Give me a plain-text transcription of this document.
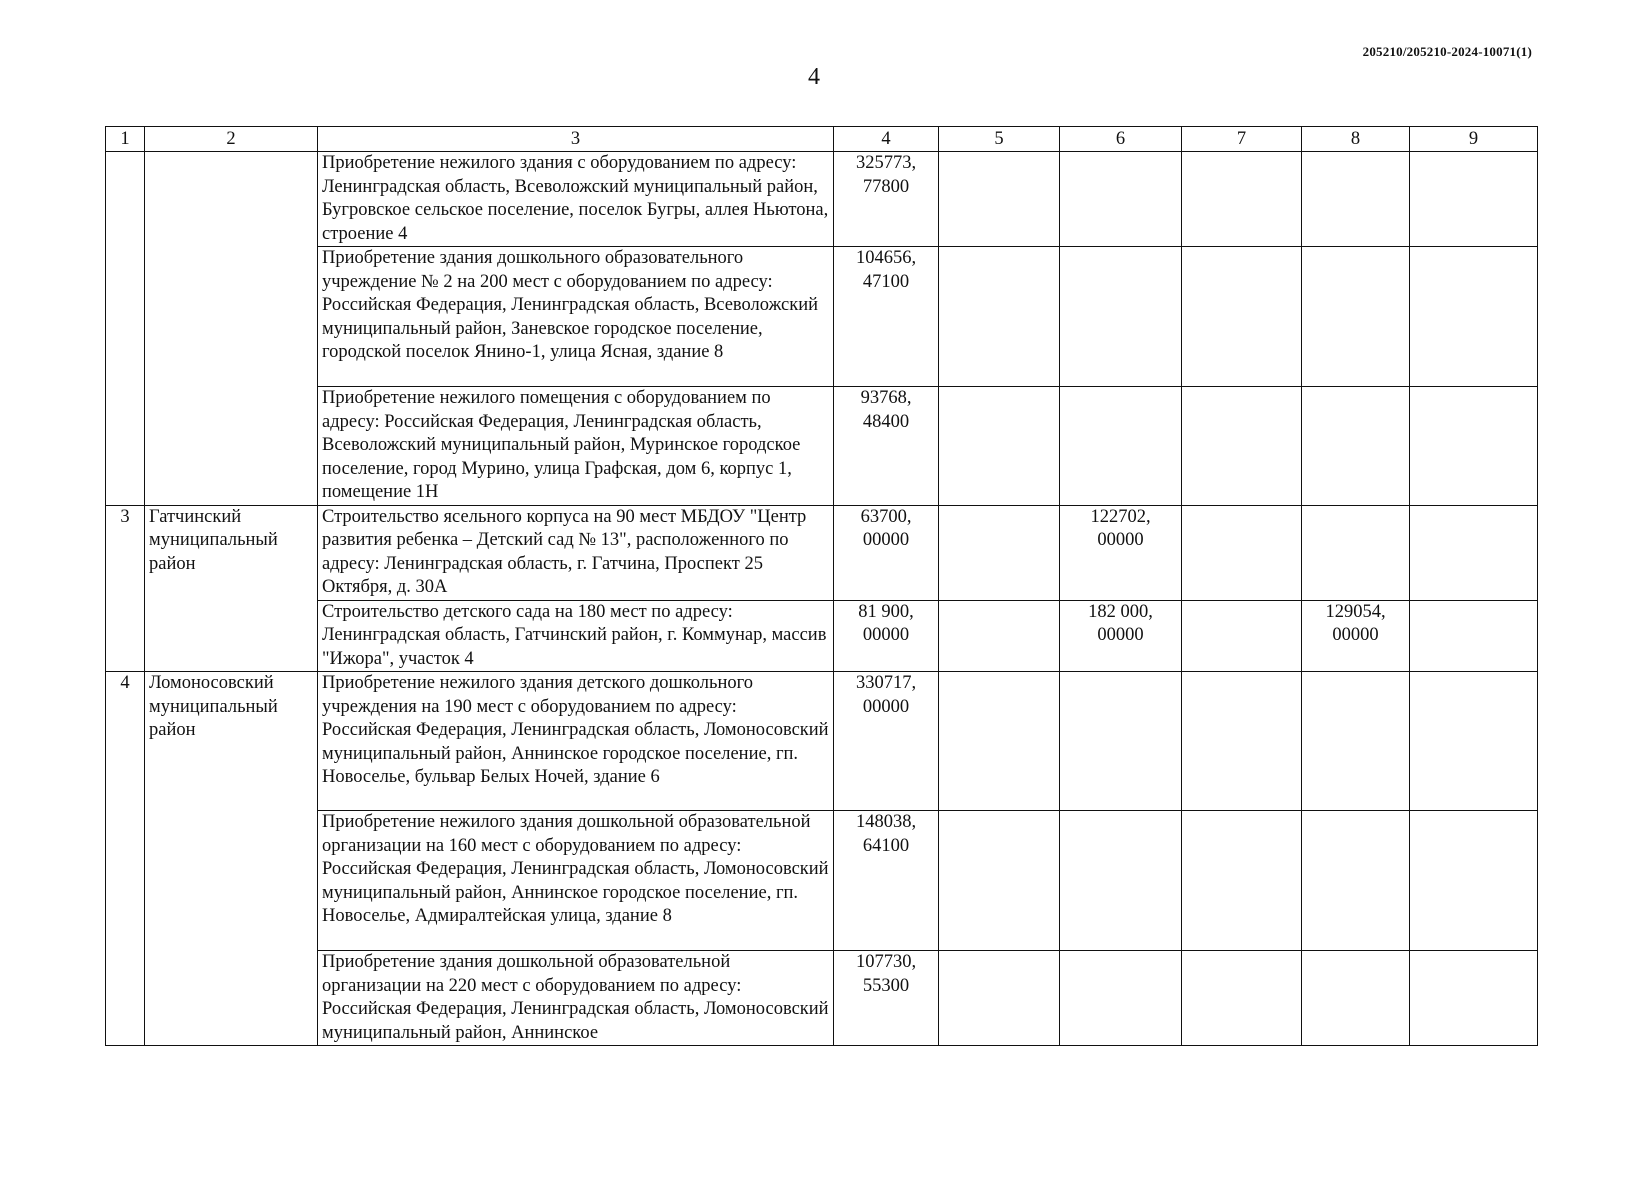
205210/205210-2024-10071(1)
4
1	2	3	4	5	6	7	8	9
		Приобретение нежилого здания с оборудованием по адресу: Ленинградская область, Всеволожский муниципальный район, Бугровское сельское поселение, поселок Бугры, аллея Ньютона, строение 4	325773,
77800					

		Приобретение здания дошкольного образовательного учреждение № 2 на 200 мест с оборудованием по адресу: Российская Федерация, Ленинградская область, Всеволожский муниципальный район, Заневское городское поселение, городской поселок Янино-1, улица Ясная, здание 8	104656,
47100					

		Приобретение нежилого помещения с оборудованием по адресу: Российская Федерация, Ленинградская область, Всеволожский муниципальный район, Муринское городское поселение, город Мурино, улица Графская, дом 6, корпус 1, помещение 1Н	93768,
48400					

3	Гатчинский муниципальный район	Строительство ясельного корпуса на 90 мест МБДОУ "Центр развития ребенка – Детский сад № 13", расположенного по адресу: Ленинградская область, г. Гатчина, Проспект 25 Октября, д. 30А	63700,
00000		122702,
00000			

		Строительство детского сада на 180 мест по адресу: Ленинградская область, Гатчинский район, г. Коммунар, массив "Ижора", участок 4	81 900,
00000		182 000,
00000		129054,
00000	

4	Ломоносовский муниципальный район	Приобретение нежилого здания детского дошкольного учреждения на 190 мест с оборудованием по адресу: Российская Федерация, Ленинградская область, Ломоносовский муниципальный район, Аннинское городское поселение, гп. Новоселье, бульвар Белых Ночей, здание 6	330717,
00000					

		Приобретение нежилого здания дошкольной образовательной организации на 160 мест с оборудованием по адресу: Российская Федерация, Ленинградская область, Ломоносовский муниципальный район, Аннинское городское поселение, гп. Новоселье, Адмиралтейская улица, здание 8	148038,
64100					

		Приобретение здания дошкольной образовательной организации на 220 мест с оборудованием по адресу: Российская Федерация, Ленинградская область, Ломоносовский муниципальный район, Аннинское	107730,
55300					
